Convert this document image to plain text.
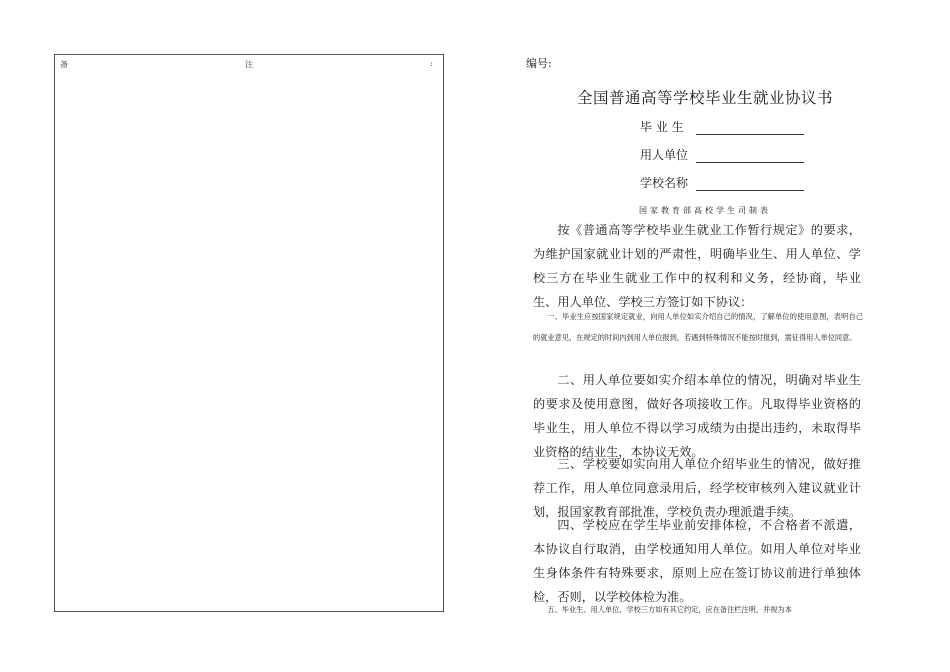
备	注	:	编号:
全国普通高等学校毕业生就业协议书
毕 业 生
用人单位
学校名称
国家教育部高校学生司制表
按《普通高等学校毕业生就业工作暂行规定》的要求，为维护国家就业计划的严肃性，明确毕业生、用人单位、学校三方在毕业生就业工作中的权利和义务，经协商，毕业生、用人单位、学校三方签订如下协议：
一、毕业生应按国家规定就业，向用人单位如实介绍自己的情况，了解单位的使用意图，表明自己的就业意见，在规定的时间内到用人单位报到，若遇到特殊情况不能按时报到，需征得用人单位同意。
二、用人单位要如实介绍本单位的情况，明确对毕业生的要求及使用意图，做好各项接收工作。凡取得毕业资格的毕业生，用人单位不得以学习成绩为由提出违约，未取得毕业资格的结业生，本协议无效。
三、学校要如实向用人单位介绍毕业生的情况，做好推荐工作，用人单位同意录用后，经学校审核列入建议就业计划，报国家教育部批准，学校负责办理派遣手续。
四、学校应在学生毕业前安排体检，不合格者不派遣，本协议自行取消，由学校通知用人单位。如用人单位对毕业生身体条件有特殊要求，原则上应在签订协议前进行单独体检，否则，以学校体检为准。
五、毕业生、用人单位、学校三方如有其它约定，应在备注栏注明，并视为本
